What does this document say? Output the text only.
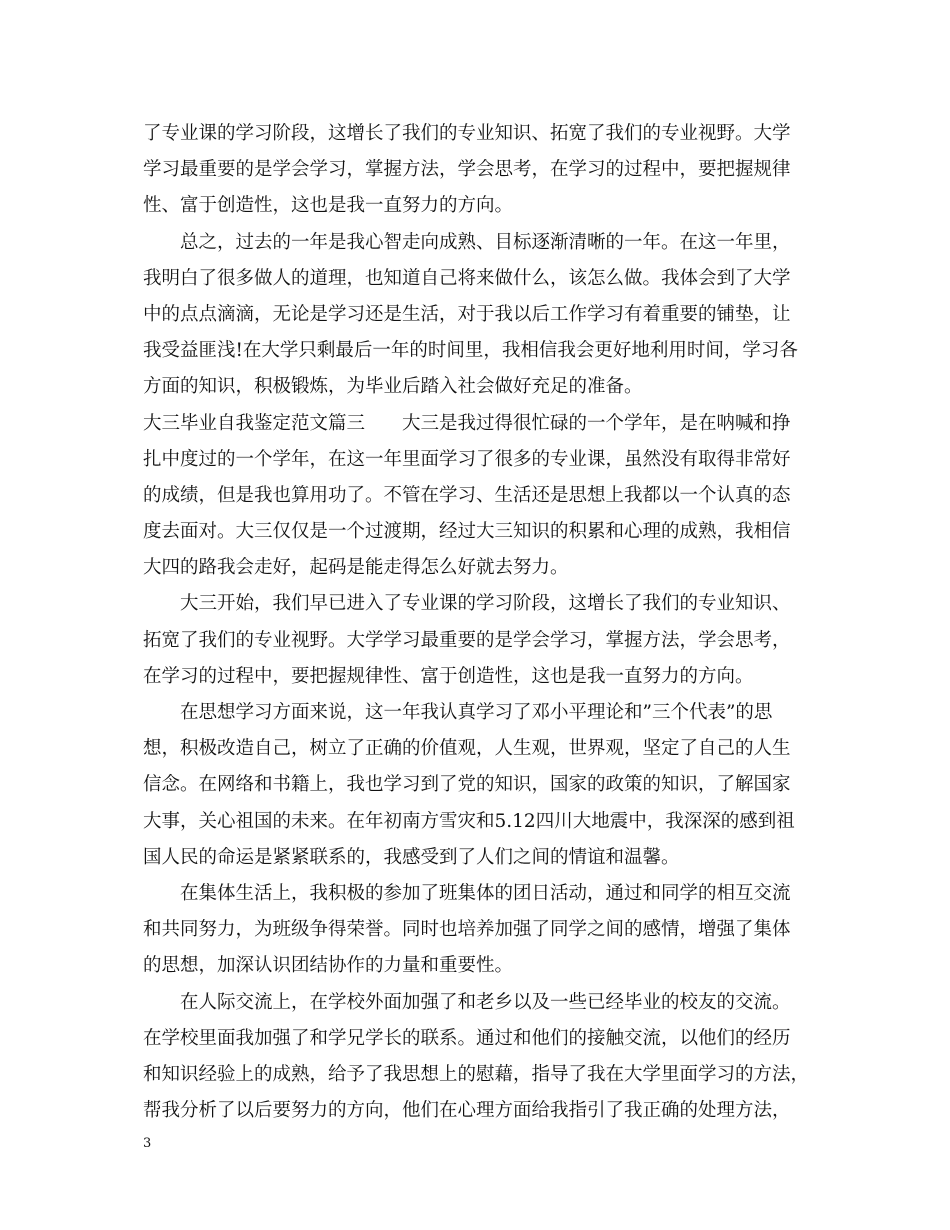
了专业课的学习阶段，这增长了我们的专业知识、拓宽了我们的专业视野。大学
学习最重要的是学会学习，掌握方法，学会思考，在学习的过程中，要把握规律
性、富于创造性，这也是我一直努力的方向。
总之，过去的一年是我心智走向成熟、目标逐渐清晰的一年。在这一年里，
我明白了很多做人的道理，也知道自己将来做什么，该怎么做。我体会到了大学
中的点点滴滴，无论是学习还是生活，对于我以后工作学习有着重要的铺垫，让
我受益匪浅!在大学只剩最后一年的时间里，我相信我会更好地利用时间，学习各
方面的知识，积极锻炼，为毕业后踏入社会做好充足的准备。
大三毕业自我鉴定范文篇三　　大三是我过得很忙碌的一个学年，是在呐喊和挣
扎中度过的一个学年，在这一年里面学习了很多的专业课，虽然没有取得非常好
的成绩，但是我也算用功了。不管在学习、生活还是思想上我都以一个认真的态
度去面对。大三仅仅是一个过渡期，经过大三知识的积累和心理的成熟，我相信
大四的路我会走好，起码是能走得怎么好就去努力。
大三开始，我们早已进入了专业课的学习阶段，这增长了我们的专业知识、
拓宽了我们的专业视野。大学学习最重要的是学会学习，掌握方法，学会思考，
在学习的过程中，要把握规律性、富于创造性，这也是我一直努力的方向。
在思想学习方面来说，这一年我认真学习了邓小平理论和”三个代表”的思
想，积极改造自己，树立了正确的价值观，人生观，世界观，坚定了自己的人生
信念。在网络和书籍上，我也学习到了党的知识，国家的政策的知识，了解国家
大事，关心祖国的未来。在年初南方雪灾和5.12四川大地震中，我深深的感到祖
国人民的命运是紧紧联系的，我感受到了人们之间的情谊和温馨。
在集体生活上，我积极的参加了班集体的团日活动，通过和同学的相互交流
和共同努力，为班级争得荣誉。同时也培养加强了同学之间的感情，增强了集体
的思想，加深认识团结协作的力量和重要性。
在人际交流上，在学校外面加强了和老乡以及一些已经毕业的校友的交流。
在学校里面我加强了和学兄学长的联系。通过和他们的接触交流，以他们的经历
和知识经验上的成熟，给予了我思想上的慰藉，指导了我在大学里面学习的方法，
帮我分析了以后要努力的方向，他们在心理方面给我指引了我正确的处理方法，
3
